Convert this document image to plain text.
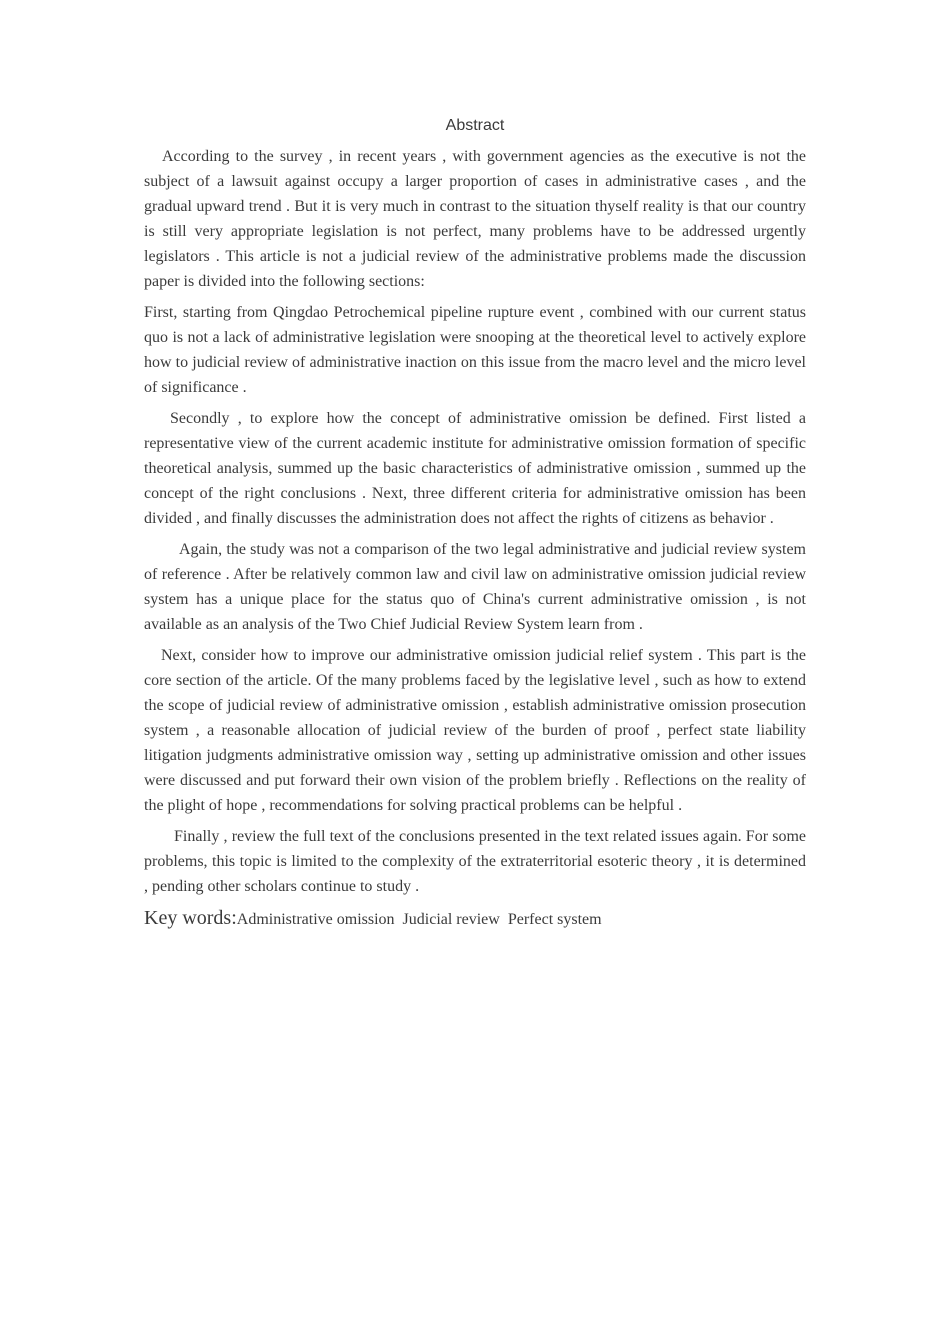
Abstract

According to the survey , in recent years , with government agencies as the executive is not the subject of a lawsuit against occupy a larger proportion of cases in administrative cases , and the gradual upward trend . But it is very much in contrast to the situation thyself reality is that our country is still very appropriate legislation is not perfect, many problems have to be addressed urgently legislators . This article is not a judicial review of the administrative problems made the discussion paper is divided into the following sections:

First, starting from Qingdao Petrochemical pipeline rupture event , combined with our current status quo is not a lack of administrative legislation were snooping at the theoretical level to actively explore how to judicial review of administrative inaction on this issue from the macro level and the micro level of significance .

Secondly , to explore how the concept of administrative omission be defined. First listed a representative view of the current academic institute for administrative omission formation of specific theoretical analysis, summed up the basic characteristics of administrative omission , summed up the concept of the right conclusions . Next, three different criteria for administrative omission has been divided , and finally discusses the administration does not affect the rights of citizens as behavior .

Again, the study was not a comparison of the two legal administrative and judicial review system of reference . After be relatively common law and civil law on administrative omission judicial review system has a unique place for the status quo of China's current administrative omission , is not available as an analysis of the Two Chief Judicial Review System learn from .

Next, consider how to improve our administrative omission judicial relief system . This part is the core section of the article. Of the many problems faced by the legislative level , such as how to extend the scope of judicial review of administrative omission , establish administrative omission prosecution system , a reasonable allocation of judicial review of the burden of proof , perfect state liability litigation judgments administrative omission way , setting up administrative omission and other issues were discussed and put forward their own vision of the problem briefly . Reflections on the reality of the plight of hope , recommendations for solving practical problems can be helpful .

Finally , review the full text of the conclusions presented in the text related issues again. For some problems, this topic is limited to the complexity of the extraterritorial esoteric theory , it is determined , pending other scholars continue to study .

Key words:Administrative omission  Judicial review  Perfect system
